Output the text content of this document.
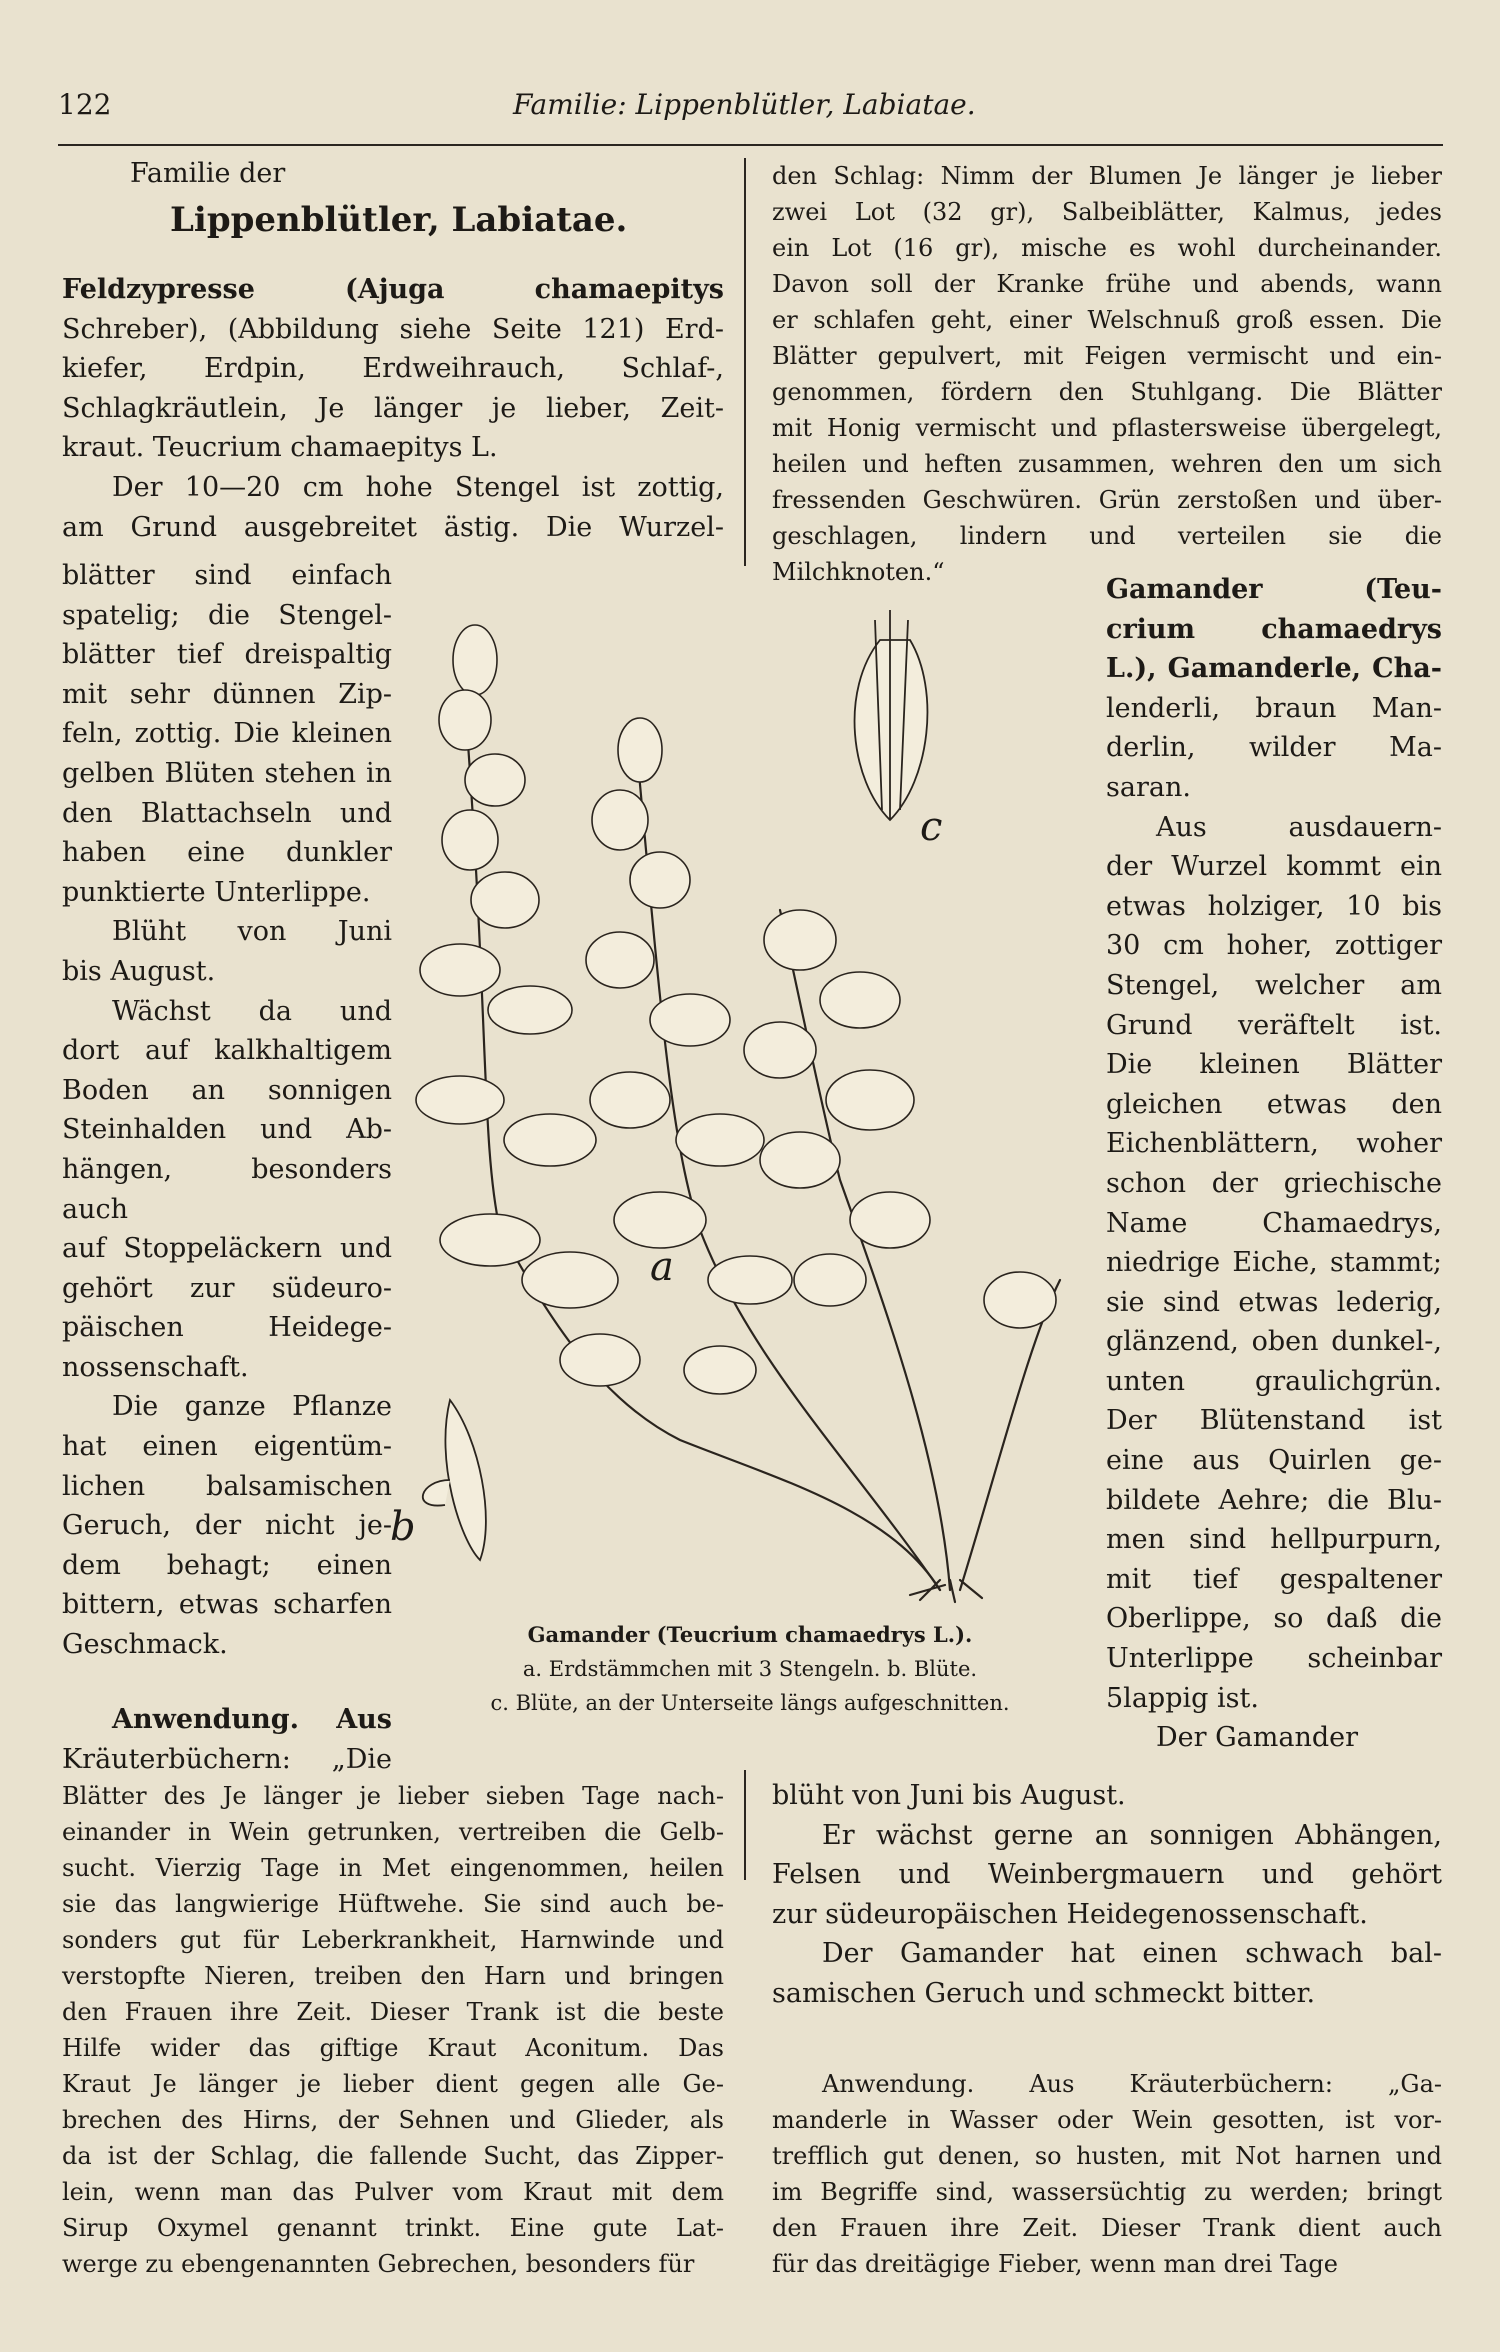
122	Familie: Lippenblütler, Labiatae.
Familie der
Lippenblütler, Labiatae.
Feldzypresse (Ajuga chamaepitys
Schreber), (Abbildung siehe Seite 121) Erd-
kiefer, Erdpin, Erdweihrauch, Schlaf-,
Schlagkräutlein, Je länger je lieber, Zeit-
kraut. Teucrium chamaepitys L.
Der 10—20 cm hohe Stengel ist zottig,
am Grund ausgebreitet ästig. Die Wurzel-
blätter sind einfach
spatelig; die Stengel-
blätter tief dreispaltig
mit sehr dünnen Zip-
feln, zottig. Die kleinen
gelben Blüten stehen in
den Blattachseln und
haben eine dunkler
punktierte Unterlippe.
Blüht von Juni
bis August.
Wächst da und
dort auf kalkhaltigem
Boden an sonnigen
Steinhalden und Ab-
hängen, besonders auch
auf Stoppeläckern und
gehört zur südeuro-
päischen Heidege-
nossenschaft.
Die ganze Pflanze
hat einen eigentüm-
lichen balsamischen
Geruch, der nicht je-
dem behagt; einen
bittern, etwas scharfen
Geschmack.
Anwendung. Aus
Kräuterbüchern: „Die
Blätter des Je länger je lieber sieben Tage nach-
einander in Wein getrunken, vertreiben die Gelb-
sucht. Vierzig Tage in Met eingenommen, heilen
sie das langwierige Hüftwehe. Sie sind auch be-
sonders gut für Leberkrankheit, Harnwinde und
verstopfte Nieren, treiben den Harn und bringen
den Frauen ihre Zeit. Dieser Trank ist die beste
Hilfe wider das giftige Kraut Aconitum. Das
Kraut Je länger je lieber dient gegen alle Ge-
brechen des Hirns, der Sehnen und Glieder, als
da ist der Schlag, die fallende Sucht, das Zipper-
lein, wenn man das Pulver vom Kraut mit dem
Sirup Oxymel genannt trinkt. Eine gute Lat-
werge zu ebengenannten Gebrechen, besonders für
den Schlag: Nimm der Blumen Je länger je lieber
zwei Lot (32 gr), Salbeiblätter, Kalmus, jedes
ein Lot (16 gr), mische es wohl durcheinander.
Davon soll der Kranke frühe und abends, wann
er schlafen geht, einer Welschnuß groß essen. Die
Blätter gepulvert, mit Feigen vermischt und ein-
genommen, fördern den Stuhlgang. Die Blätter
mit Honig vermischt und pflastersweise übergelegt,
heilen und heften zusammen, wehren den um sich
fressenden Geschwüren. Grün zerstoßen und über-
geschlagen, lindern und verteilen sie die Milchknoten.“
Gamander (Teu-
crium chamaedrys
L.), Gamanderle, Cha-
lenderli, braun Man-
derlin, wilder Ma-
saran.
Aus ausdauern-
der Wurzel kommt ein
etwas holziger, 10 bis
30 cm hoher, zottiger
Stengel, welcher am
Grund veräftelt ist.
Die kleinen Blätter
gleichen etwas den
Eichenblättern, woher
schon der griechische
Name Chamaedrys,
niedrige Eiche, stammt;
sie sind etwas lederig,
glänzend, oben dunkel-,
unten graulichgrün.
Der Blütenstand ist
eine aus Quirlen ge-
bildete Aehre; die Blu-
men sind hellpurpurn,
mit tief gespaltener
Oberlippe, so daß die
Unterlippe scheinbar
5lappig ist.
Der Gamander
blüht von Juni bis August.
Er wächst gerne an sonnigen Abhängen,
Felsen und Weinbergmauern und gehört
zur südeuropäischen Heidegenossenschaft.
Der Gamander hat einen schwach bal-
samischen Geruch und schmeckt bitter.
Anwendung. Aus Kräuterbüchern: „Ga-
manderle in Wasser oder Wein gesotten, ist vor-
trefflich gut denen, so husten, mit Not harnen und
im Begriffe sind, wassersüchtig zu werden; bringt
den Frauen ihre Zeit. Dieser Trank dient auch
für das dreitägige Fieber, wenn man drei Tage
c
a
b
Gamander (Teucrium chamaedrys L.).
a. Erdstämmchen mit 3 Stengeln. b. Blüte.
c. Blüte, an der Unterseite längs aufgeschnitten.
